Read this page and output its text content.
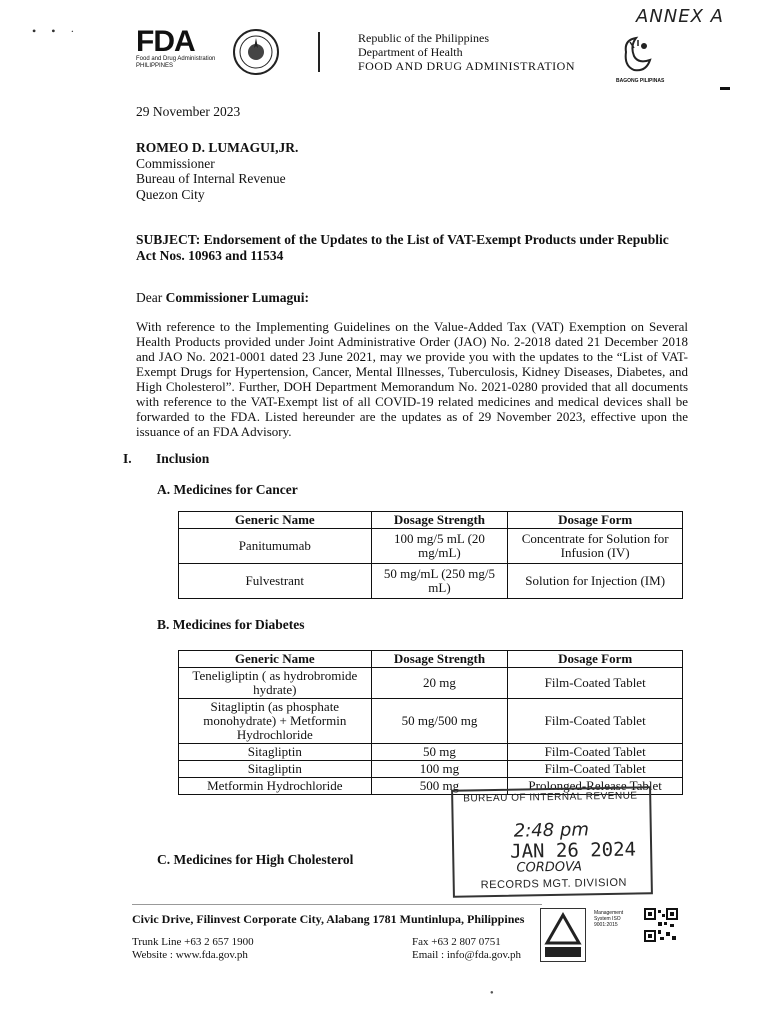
• • ·
ANNEX A
FDA
Food and Drug Administration PHILIPPINES
Republic of the Philippines
Department of Health
FOOD AND DRUG ADMINISTRATION
BAGONG PILIPINAS
▬
29 November 2023
ROMEO D. LUMAGUI,JR.
Commissioner
Bureau of Internal Revenue
Quezon City
SUBJECT: Endorsement of the Updates to the List of VAT-Exempt Products under Republic Act Nos. 10963 and 11534
Dear Commissioner Lumagui:
With reference to the Implementing Guidelines on the Value-Added Tax (VAT) Exemption on Several Health Products provided under Joint Administrative Order (JAO) No. 2-2018 dated 21 December 2018 and JAO No. 2021-0001 dated 23 June 2021, may we provide you with the updates to the “List of VAT-Exempt Drugs for Hypertension, Cancer, Mental Illnesses, Tuberculosis, Kidney Diseases, Diabetes, and High Cholesterol”. Further, DOH Department Memorandum No. 2021-0280 provided that all documents with reference to the VAT-Exempt list of all COVID-19 related medicines and medical devices shall be forwarded to the FDA. Listed hereunder are the updates as of 29 November 2023, effective upon the issuance of an FDA Advisory.
I. Inclusion
A. Medicines for Cancer
Generic Name	Dosage Strength	Dosage Form
Panitumumab	100 mg/5 mL (20 mg/mL)	Concentrate for Solution for Infusion (IV)
Fulvestrant	50 mg/mL (250 mg/5 mL)	Solution for Injection (IM)
B. Medicines for Diabetes
Generic Name	Dosage Strength	Dosage Form
Teneligliptin ( as hydrobromide hydrate)	20 mg	Film-Coated Tablet
Sitagliptin (as phosphate monohydrate) + Metformin Hydrochloride	50 mg/500 mg	Film-Coated Tablet
Sitagliptin	50 mg	Film-Coated Tablet
Sitagliptin	100 mg	Film-Coated Tablet
Metformin Hydrochloride	500 mg	Prolonged-Release Tablet
BUREAU OF INTERNAL REVENUE
2:48 pm
JAN 26 2024
CORDOVA
RECORDS MGT. DIVISION
C. Medicines for High Cholesterol
Civic Drive, Filinvest Corporate City, Alabang 1781 Muntinlupa, Philippines
Trunk Line +63 2 657 1900
Website : www.fda.gov.ph
Fax +63 2 807 0751
Email : info@fda.gov.ph
Management System ISO 9001:2015
●
